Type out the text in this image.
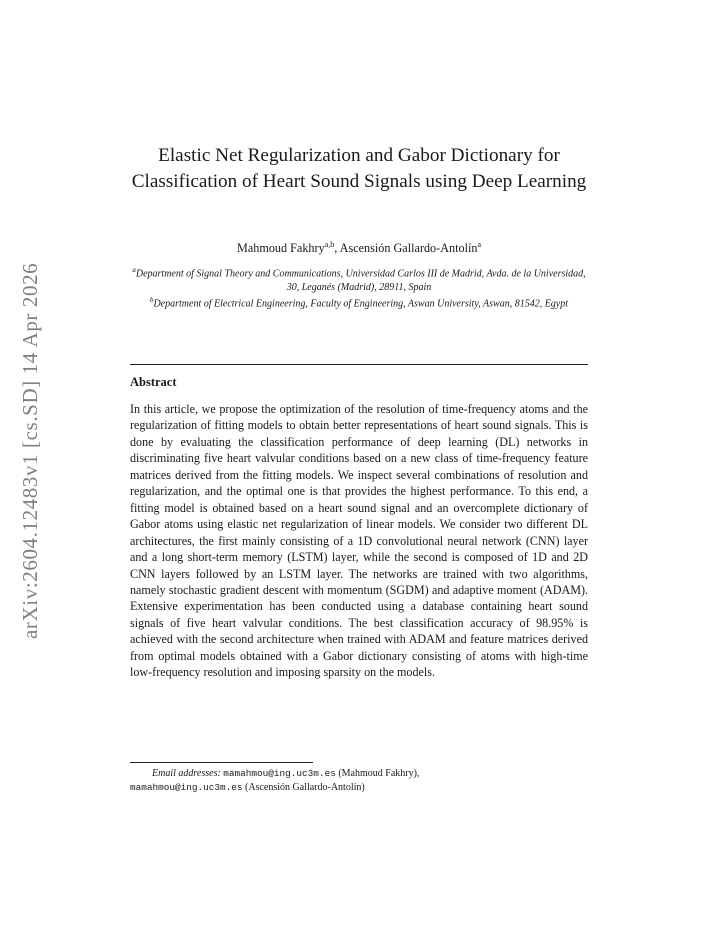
arXiv:2604.12483v1 [cs.SD] 14 Apr 2026
Elastic Net Regularization and Gabor Dictionary for Classification of Heart Sound Signals using Deep Learning
Mahmoud Fakhry$^{a,b}$, Ascensión Gallardo-Antolín$^a$
$^a$Department of Signal Theory and Communications, Universidad Carlos III de Madrid, Avda. de la Universidad, 30, Leganés (Madrid), 28911, Spain
$^b$Department of Electrical Engineering, Faculty of Engineering, Aswan University, Aswan, 81542, Egypt
Abstract
In this article, we propose the optimization of the resolution of time-frequency atoms and the regularization of fitting models to obtain better representations of heart sound signals. This is done by evaluating the classification performance of deep learning (DL) networks in discriminating five heart valvular conditions based on a new class of time-frequency feature matrices derived from the fitting models. We inspect several combinations of resolution and regularization, and the optimal one is that provides the highest performance. To this end, a fitting model is obtained based on a heart sound signal and an overcomplete dictionary of Gabor atoms using elastic net regularization of linear models. We consider two different DL architectures, the first mainly consisting of a 1D convolutional neural network (CNN) layer and a long short-term memory (LSTM) layer, while the second is composed of 1D and 2D CNN layers followed by an LSTM layer. The networks are trained with two algorithms, namely stochastic gradient descent with momentum (SGDM) and adaptive moment (ADAM). Extensive experimentation has been conducted using a database containing heart sound signals of five heart valvular conditions. The best classification accuracy of 98.95% is achieved with the second architecture when trained with ADAM and feature matrices derived from optimal models obtained with a Gabor dictionary consisting of atoms with high-time low-frequency resolution and imposing sparsity on the models.
Email addresses: mamahmou@ing.uc3m.es (Mahmoud Fakhry),
mamahmou@ing.uc3m.es (Ascensión Gallardo-Antolín)
